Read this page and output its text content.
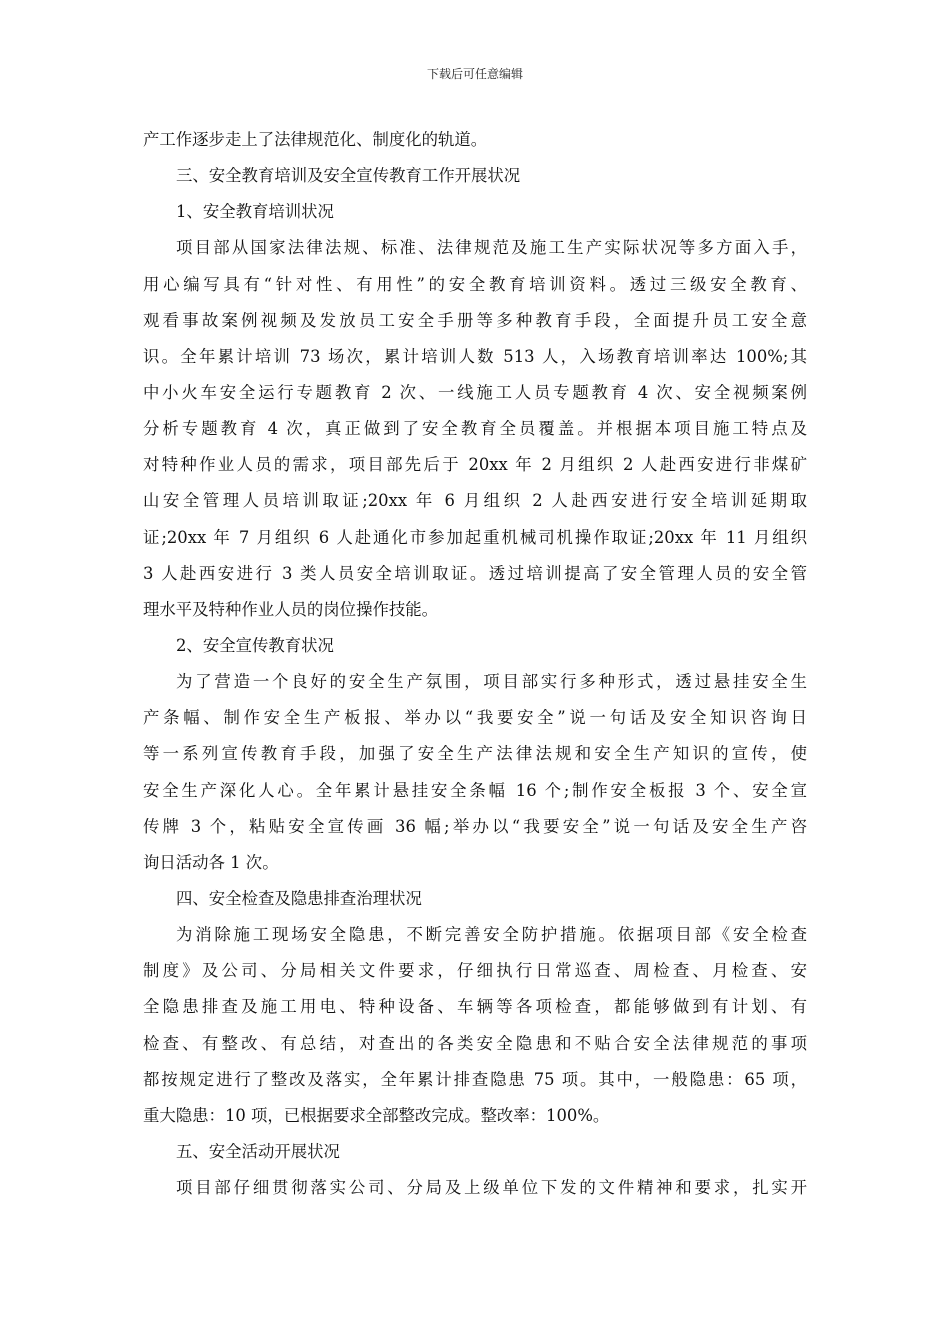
下载后可任意编辑
产工作逐步走上了法律规范化、制度化的轨道。
三、安全教育培训及安全宣传教育工作开展状况
1、安全教育培训状况
项目部从国家法律法规、标准、法律规范及施工生产实际状况等多方面入手，
用心编写具有“针对性、有用性”的安全教育培训资料。透过三级安全教育、
观看事故案例视频及发放员工安全手册等多种教育手段，全面提升员工安全意
识。全年累计培训 73 场次，累计培训人数 513 人，入场教育培训率达 100%;其
中小火车安全运行专题教育 2 次、一线施工人员专题教育 4 次、安全视频案例
分析专题教育 4 次，真正做到了安全教育全员覆盖。并根据本项目施工特点及
对特种作业人员的需求，项目部先后于 20xx 年 2 月组织 2 人赴西安进行非煤矿
山安全管理人员培训取证;20xx 年 6 月组织 2 人赴西安进行安全培训延期取
证;20xx 年 7 月组织 6 人赴通化市参加起重机械司机操作取证;20xx 年 11 月组织
3 人赴西安进行 3 类人员安全培训取证。透过培训提高了安全管理人员的安全管
理水平及特种作业人员的岗位操作技能。
2、安全宣传教育状况
为了营造一个良好的安全生产氛围，项目部实行多种形式，透过悬挂安全生
产条幅、制作安全生产板报、举办以“我要安全”说一句话及安全知识咨询日
等一系列宣传教育手段，加强了安全生产法律法规和安全生产知识的宣传，使
安全生产深化人心。全年累计悬挂安全条幅 16 个;制作安全板报 3 个、安全宣
传牌 3 个，粘贴安全宣传画 36 幅;举办以“我要安全”说一句话及安全生产咨
询日活动各 1 次。
四、安全检查及隐患排查治理状况
为消除施工现场安全隐患，不断完善安全防护措施。依据项目部《安全检查
制度》及公司、分局相关文件要求，仔细执行日常巡查、周检查、月检查、安
全隐患排查及施工用电、特种设备、车辆等各项检查，都能够做到有计划、有
检查、有整改、有总结，对查出的各类安全隐患和不贴合安全法律规范的事项
都按规定进行了整改及落实，全年累计排查隐患 75 项。其中，一般隐患：65 项，
重大隐患：10 项，已根据要求全部整改完成。整改率：100%。
五、安全活动开展状况
项目部仔细贯彻落实公司、分局及上级单位下发的文件精神和要求，扎实开
